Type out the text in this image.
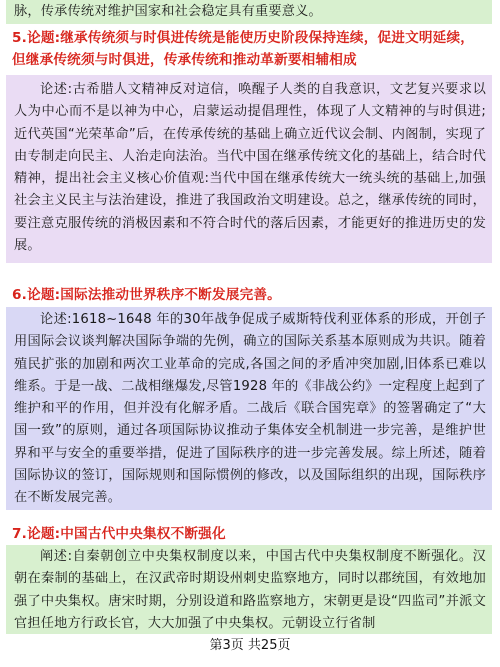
脉，传承传统对维护国家和社会稳定具有重要意义。

5.论题:继承传统须与时俱进传统是能使历史阶段保持连续，促进文明延续，

但继承传统须与时俱进，传承传统和推动革新要相辅相成

论述:古希腊人文精神反对這信，唤醒子人类的自我意识，文艺复兴要求以人为中心而不是以神为中心，启蒙运动提倡理性，体现了人文精神的与时俱进;近代英国“光荣革命”后，在传承传统的基础上确立近代议会制、内阁制，实现了由专制走向民主、人治走向法治。当代中国在继承传统文化的基础上，结合时代精神，提出社会主义核心价值观:当代中国在继承传统大一统头统的基础上,加强社会主义民主与法治建设，推进了我国政治文明建设。总之，继承传统的同时，要注意克服传统的消极因素和不符合时代的落后因素，才能更好的推进历史的发展。

6.论题:国际法推动世界秩序不断发展完善。

论述:1618~1648 年的30年战争促成子威斯特伐利亚体系的形成，开创子用国际会议谈判解决国际争端的先例，确立的国际关系基本原则成为共识。随着殖民扩张的加剧和两次工业革命的完成,各国之间的矛盾冲突加剧,旧体系已难以维系。于是一战、二战相继爆发,尽管1928 年的《非战公约》一定程度上起到了维护和平的作用，但并没有化解矛盾。二战后《联合国宪章》的签署确定了“大国一致”的原则，通过各项国际协议推动子集体安全机制进一步完善，是维护世界和平与安全的重要举措，促进了国际秩序的进一步完善发展。综上所述，随着国际协议的签订，国际规则和国际惯例的修改，以及国际组织的出现，国际秩序在不断发展完善。

7.论题:中国古代中央集权不断强化

阐述:自秦朝创立中央集权制度以来，中国古代中央集权制度不断强化。汉朝在秦制的基础上，在汉武帝时期设州刺史监察地方，同时以郡统国，有效地加强了中央集权。唐宋时期，分别设道和路监察地方，宋朝更是设“四监司”并派文官担任地方行政长官，大大加强了中央集权。元朝设立行省制

第3页 共25页
